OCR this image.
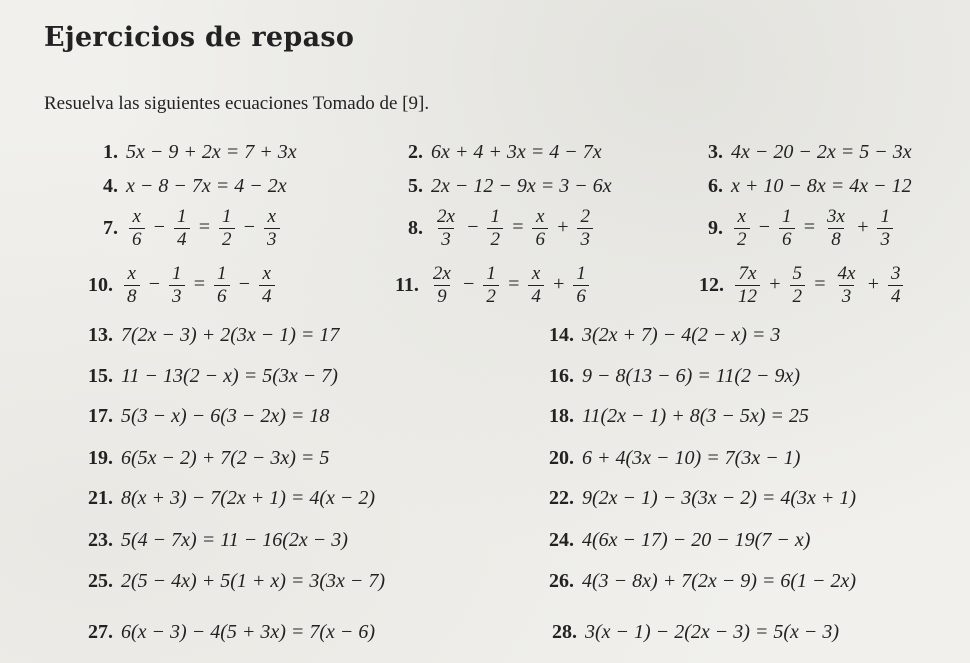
Ejercicios de repaso
Resuelva las siguientes ecuaciones Tomado de [9].
1. 5x − 9 + 2x = 7 + 3x	2. 6x + 4 + 3x = 4 − 7x	3. 4x − 20 − 2x = 5 − 3x
4. x − 8 − 7x = 4 − 2x	5. 2x − 12 − 9x = 3 − 6x	6. x + 10 − 8x = 4x − 12
7. $\frac{x}{6} - \frac{1}{4} = \frac{1}{2} - \frac{x}{3}$	8. $\frac{2x}{3} - \frac{1}{2} = \frac{x}{6} + \frac{2}{3}$	9. $\frac{x}{2} - \frac{1}{6} = \frac{3x}{8} + \frac{1}{3}$
10. $\frac{x}{8} - \frac{1}{3} = \frac{1}{6} - \frac{x}{4}$	11. $\frac{2x}{9} - \frac{1}{2} = \frac{x}{4} + \frac{1}{6}$	12. $\frac{7x}{12} + \frac{5}{2} = \frac{4x}{3} + \frac{3}{4}$
13. 7(2x − 3) + 2(3x − 1) = 17	14. 3(2x + 7) − 4(2 − x) = 3
15. 11 − 13(2 − x) = 5(3x − 7)	16. 9 − 8(13 − 6) = 11(2 − 9x)
17. 5(3 − x) − 6(3 − 2x) = 18	18. 11(2x − 1) + 8(3 − 5x) = 25
19. 6(5x − 2) + 7(2 − 3x) = 5	20. 6 + 4(3x − 10) = 7(3x − 1)
21. 8(x + 3) − 7(2x + 1) = 4(x − 2)	22. 9(2x − 1) − 3(3x − 2) = 4(3x + 1)
23. 5(4 − 7x) = 11 − 16(2x − 3)	24. 4(6x − 17) − 20 − 19(7 − x)
25. 2(5 − 4x) + 5(1 + x) = 3(3x − 7)	26. 4(3 − 8x) + 7(2x − 9) = 6(1 − 2x)
27. 6(x − 3) − 4(5 + 3x) = 7(x − 6)	28. 3(x − 1) − 2(2x − 3) = 5(x − 3)
